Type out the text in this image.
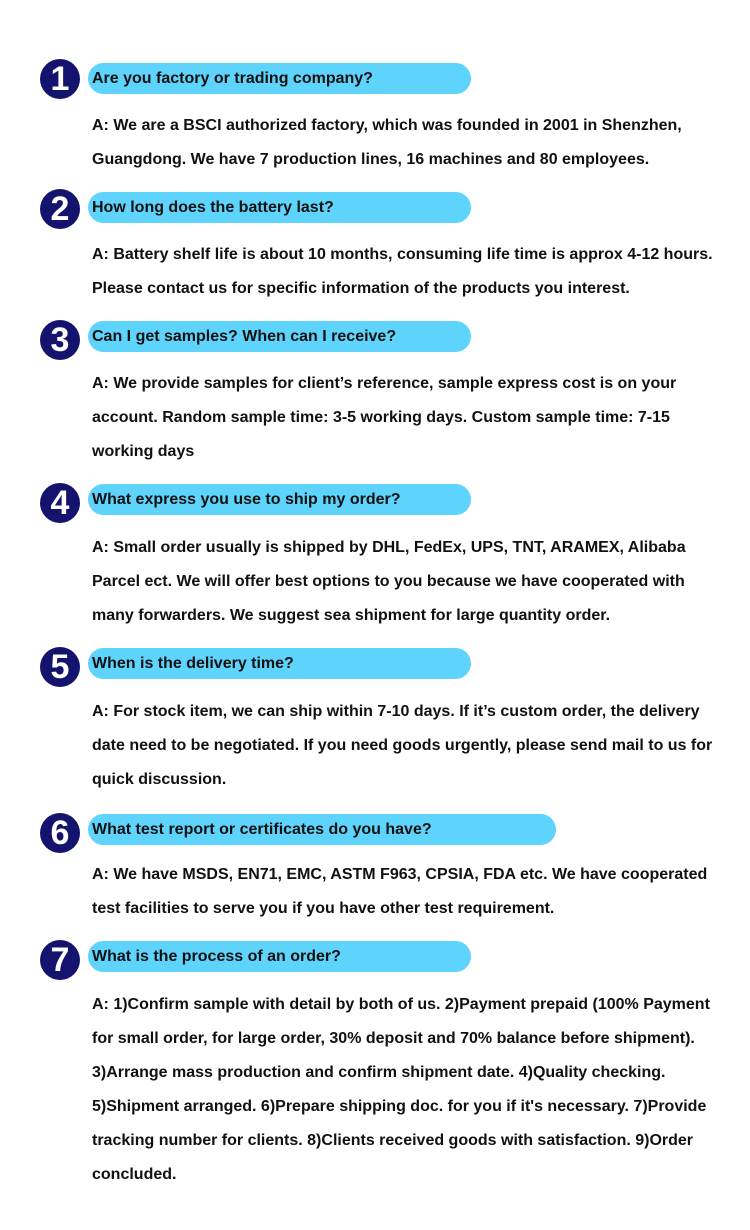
1	Are you factory or trading company?
A: We are a BSCI authorized factory, which was founded in 2001 in Shenzhen, Guangdong. We have 7 production lines, 16 machines and 80 employees.
2	How long does the battery last?
A: Battery shelf life is about 10 months, consuming life time is approx 4-12 hours. Please contact us for specific information of the products you interest.
3	Can I get samples? When can I receive?
A: We provide samples for client’s reference, sample express cost is on your account. Random sample time: 3-5 working days. Custom sample time: 7-15 working days
4	What express you use to ship my order?
A: Small order usually is shipped by DHL, FedEx, UPS, TNT, ARAMEX, Alibaba Parcel ect. We will offer best options to you because we have cooperated with many forwarders. We suggest sea shipment for large quantity order.
5	When is the delivery time?
A: For stock item, we can ship within 7-10 days. If it’s custom order, the delivery date need to be negotiated. If you need goods urgently, please send mail to us for quick discussion.
6	What test report or certificates do you have?
A: We have MSDS, EN71, EMC, ASTM F963, CPSIA, FDA etc. We have cooperated test facilities to serve you if you have other test requirement.
7	What is the process of an order?
A: 1)Confirm sample with detail by both of us. 2)Payment prepaid (100% Payment for small order, for large order, 30% deposit and 70% balance before shipment). 3)Arrange mass production and confirm shipment date. 4)Quality checking. 5)Shipment arranged. 6)Prepare shipping doc. for you if it's necessary. 7)Provide tracking number for clients. 8)Clients received goods with satisfaction. 9)Order concluded.
